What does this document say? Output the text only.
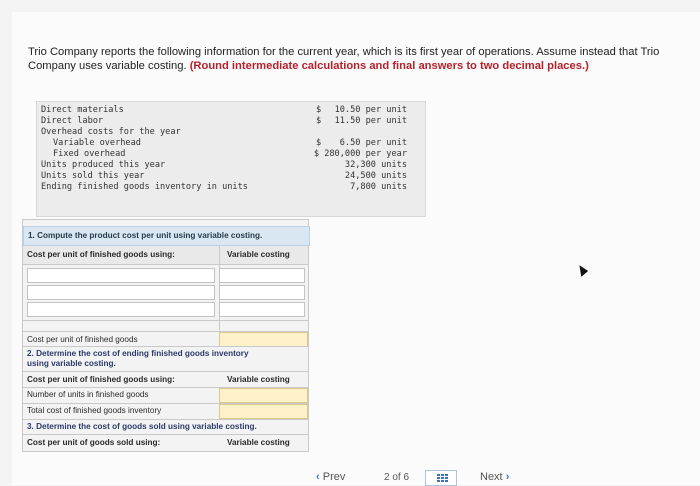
Trio Company reports the following information for the current year, which is its first year of operations. Assume instead that Trio Company uses variable costing. (Round intermediate calculations and final answers to two decimal places.)
Direct materials	$ 10.50 per unit
Direct labor	$ 11.50 per unit
Overhead costs for the year
Variable overhead	$ 6.50 per unit
Fixed overhead	$ 280,000 per year
Units produced this year	32,300 units
Units sold this year	24,500 units
Ending finished goods inventory in units	7,800 units
1. Compute the product cost per unit using variable costing.
Cost per unit of finished goods using:	Variable costing
Cost per unit of finished goods
2. Determine the cost of ending finished goods inventory
using variable costing.
Cost per unit of finished goods using:	Variable costing
Number of units in finished goods
Total cost of finished goods inventory
3. Determine the cost of goods sold using variable costing.
Cost per unit of goods sold using:	Variable costing
‹ Prev	2 of 6	Next ›
